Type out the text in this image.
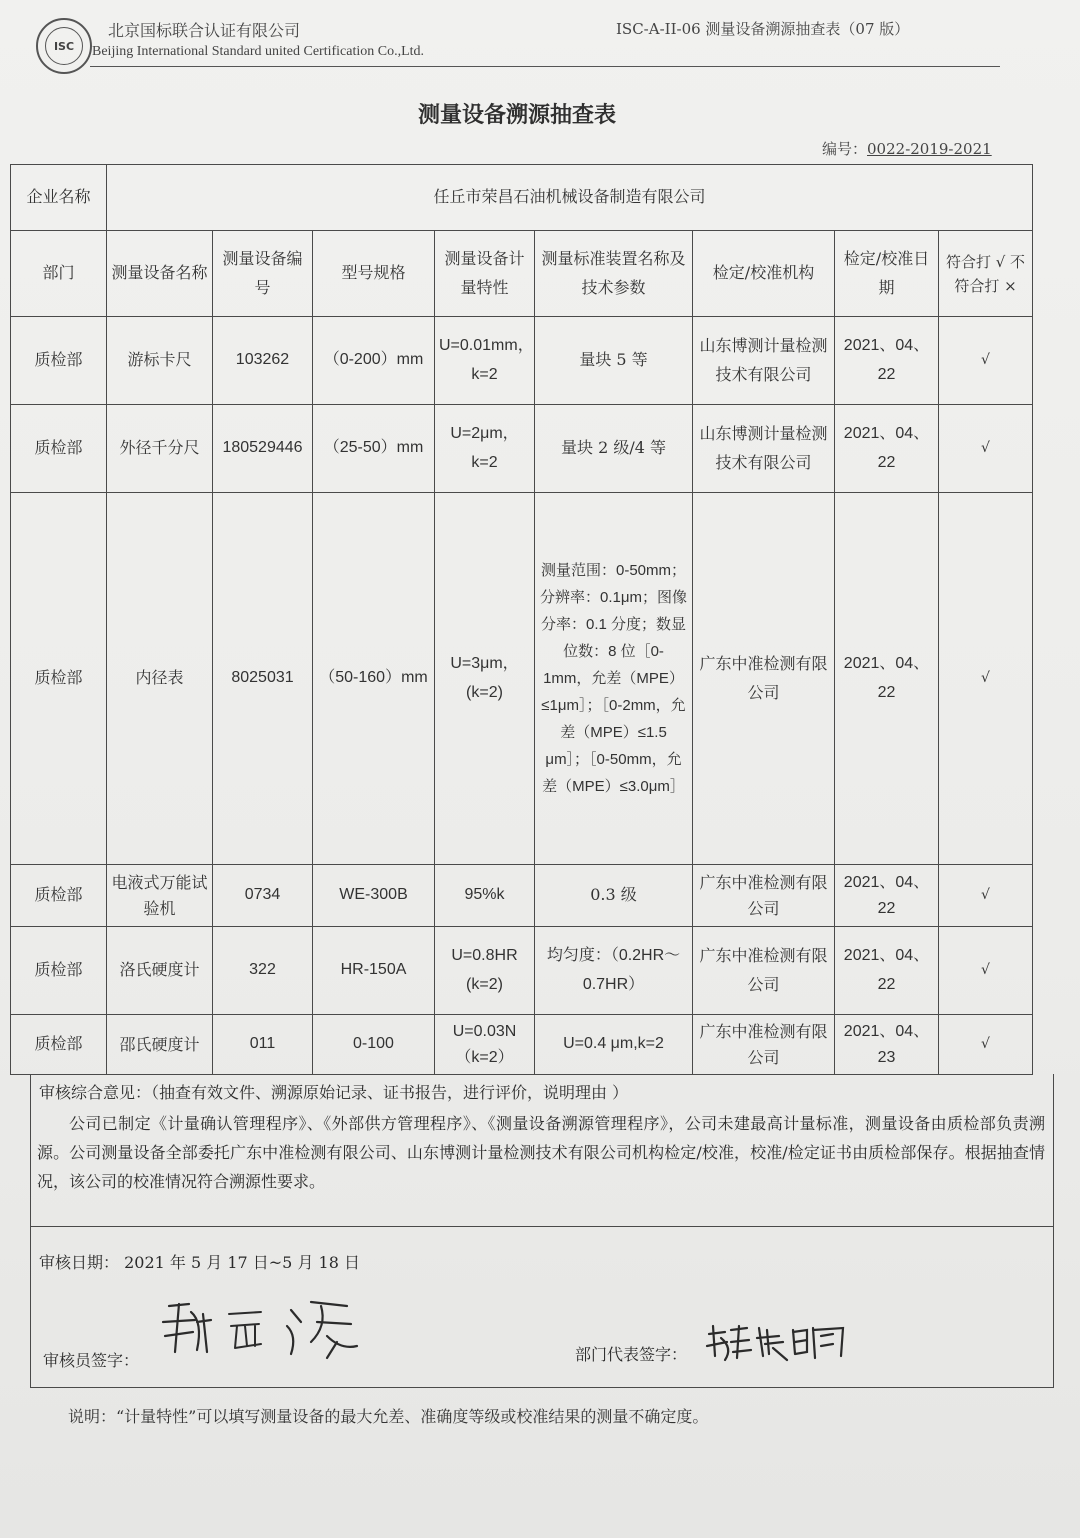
ISC
北京国标联合认证有限公司
Beijing International Standard united Certification Co.,Ltd.
ISC-A-II-06 测量设备溯源抽查表（07 版）
测量设备溯源抽查表
编号：0022-2019-2021
企业名称	任丘市荣昌石油机械设备制造有限公司							
部门	测量设备名称	测量设备编号	型号规格	测量设备计量特性	测量标准装置名称及技术参数	检定/校准机构	检定/校准日期	符合打 √ 不符合打 ×
质检部	游标卡尺	103262	（0-200）mm	U=0.01mm，k=2	量块 5 等	山东博测计量检测技术有限公司	2021、04、22	√
质检部	外径千分尺	180529446	（25-50）mm	U=2μm，k=2	量块 2 级/4 等	山东博测计量检测技术有限公司	2021、04、22	√
质检部	内径表	8025031	（50-160）mm	U=3μm，(k=2)	测量范围：0-50mm；分辨率：0.1μm；图像分率：0.1 分度；数显位数：8 位［0-1mm，允差（MPE）≤1μm］；［0-2mm，允差（MPE）≤1.5 μm］；［0-50mm，允差（MPE）≤3.0μm］	广东中准检测有限公司	2021、04、22	√
质检部	电液式万能试验机	0734	WE-300B	95%k	0.3 级	广东中准检测有限公司	2021、04、22	√
质检部	洛氏硬度计	322	HR-150A	U=0.8HR (k=2)	均匀度：（0.2HR～0.7HR）	广东中准检测有限公司	2021、04、22	√
质检部	邵氏硬度计	011	0-100	U=0.03N（k=2）	U=0.4 μm,k=2	广东中准检测有限公司	2021、04、23	√
审核综合意见：（抽查有效文件、溯源原始记录、证书报告，进行评价，说明理由 ）
公司已制定《计量确认管理程序》、《外部供方管理程序》、《测量设备溯源管理程序》，公司未建最高计量标准，测量设备由质检部负责溯源。公司测量设备全部委托广东中准检测有限公司、山东博测计量检测技术有限公司机构检定/校准，校准/检定证书由质检部保存。根据抽查情况，该公司的校准情况符合溯源性要求。
审核日期： 2021 年 5 月 17 日~5 月 18 日
审核员签字：	部门代表签字：
说明：“计量特性”可以填写测量设备的最大允差、准确度等级或校准结果的测量不确定度。
